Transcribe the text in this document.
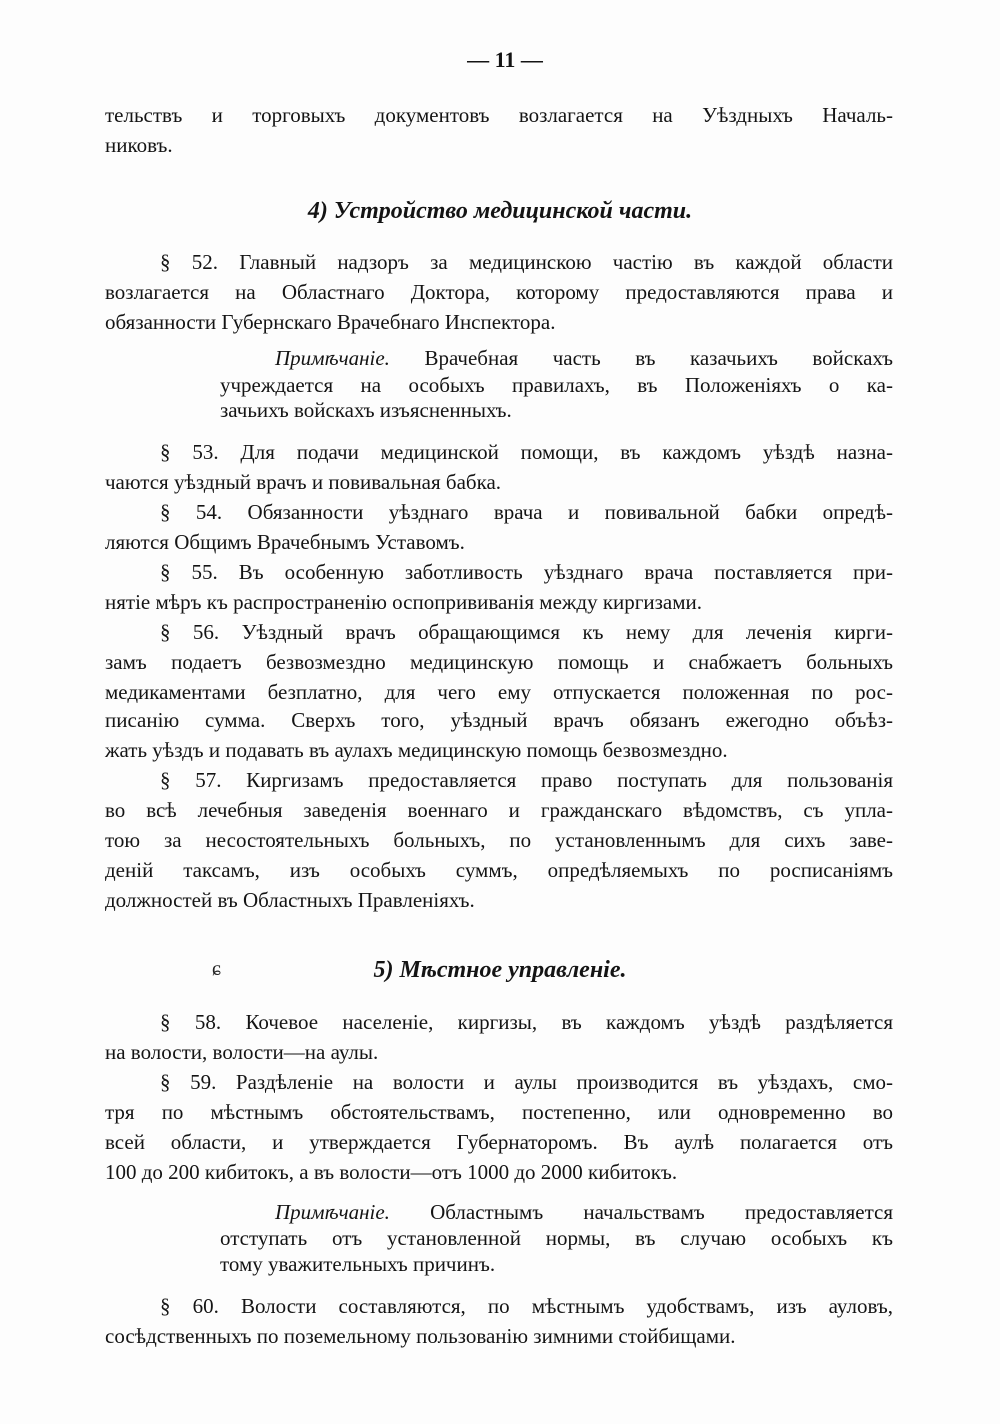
— 11 —
тельствъ и торговыхъ документовъ возлагается на Уѣздныхъ Началь-
никовъ.
4) Устройство медицинской части.
§ 52. Главный надзоръ за медицинскою частiю въ каждой области
возлагается на Областнаго Доктора, которому предоставляются права и
обязанности Губернскаго Врачебнаго Инспектора.
Примѣчанiе. Врачебная часть въ казачьихъ войскахъ
учреждается на особыхъ правилахъ, въ Положенiяхъ о ка-
зачьихъ войскахъ изъясненныхъ.
§ 53. Для подачи медицинской помощи, въ каждомъ уѣздѣ назна-
чаются уѣздный врачъ и повивальная бабка.
§ 54. Обязанности уѣзднаго врача и повивальной бабки опредѣ-
ляются Общимъ Врачебнымъ Уставомъ.
§ 55. Въ особенную заботливость уѣзднаго врача поставляется при-
нятiе мѣръ къ распространенiю оспопрививанiя между киргизами.
§ 56. Уѣздный врачъ обращающимся къ нему для леченiя кирги-
замъ подаетъ безвозмездно медицинскую помощь и снабжаетъ больныхъ
медикаментами безплатно, для чего ему отпускается положенная по рос-
писанiю сумма. Сверхъ того, уѣздный врачъ обязанъ ежегодно объѣз-
жать уѣздъ и подавать въ аулахъ медицинскую помощь безвозмездно.
§ 57. Киргизамъ предоставляется право поступать для пользованiя
во всѣ лечебныя заведенiя военнаго и гражданскаго вѣдомствъ, съ упла-
тою за несостоятельныхъ больныхъ, по установленнымъ для сихъ заве-
денiй таксамъ, изъ особыхъ суммъ, опредѣляемыхъ по росписанiямъ
должностей въ Областныхъ Правленiяхъ.
5) Мѣстное управленiе.
§ 58. Кочевое населенiе, киргизы, въ каждомъ уѣздѣ раздѣляется
на волости, волости—на аулы.
§ 59. Раздѣленiе на волости и аулы производится въ уѣздахъ, смо-
тря по мѣстнымъ обстоятельствамъ, постепенно, или одновременно во
всей области, и утверждается Губернаторомъ. Въ аулѣ полагается отъ
100 до 200 кибитокъ, а въ волости—отъ 1000 до 2000 кибитокъ.
Примѣчанiе. Областнымъ начальствамъ предоставляется
отступать отъ установленной нормы, въ случаю особыхъ къ
тому уважительныхъ причинъ.
§ 60. Волости составляются, по мѣстнымъ удобствамъ, изъ ауловъ,
сосѣдственныхъ по поземельному пользованiю зимними стойбищами.
ɕ
